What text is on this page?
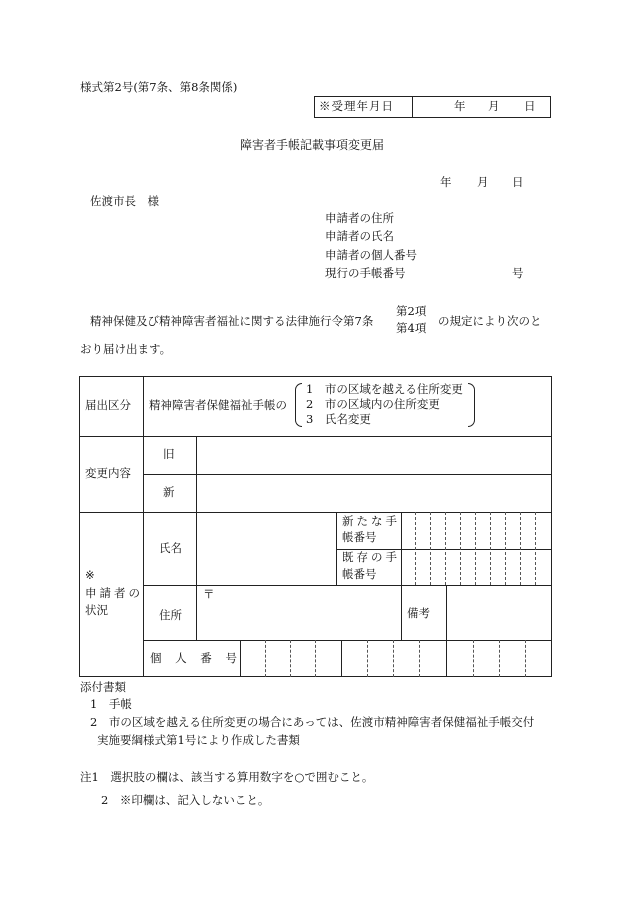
様式第2号(第7条、第8条関係)
※受理年月日	年 月 日
障害者手帳記載事項変更届
年 月 日
佐渡市長　様
申請者の住所
申請者の氏名
申請者の個人番号
現行の手帳番号	号
精神保健及び精神障害者福祉に関する法律施行令第7条
第2項
第4項 の規定により次のと
おり届け出ます。
届出区分 精神障害者保健福祉手帳の
1　市の区域を越える住所変更
2　市の区域内の住所変更
3　氏名変更
変更内容
旧
新
※
申請者の
状況
氏名
新たな手
帳番号
既存の手
帳番号
住所
〒
備考
個 人 番 号
添付書類
1　手帳
2　市の区域を越える住所変更の場合にあっては、佐渡市精神障害者保健福祉手帳交付
実施要綱様式第1号により作成した書類
注1　選択肢の欄は、該当する算用数字を○で囲むこと。
2　※印欄は、記入しないこと。
